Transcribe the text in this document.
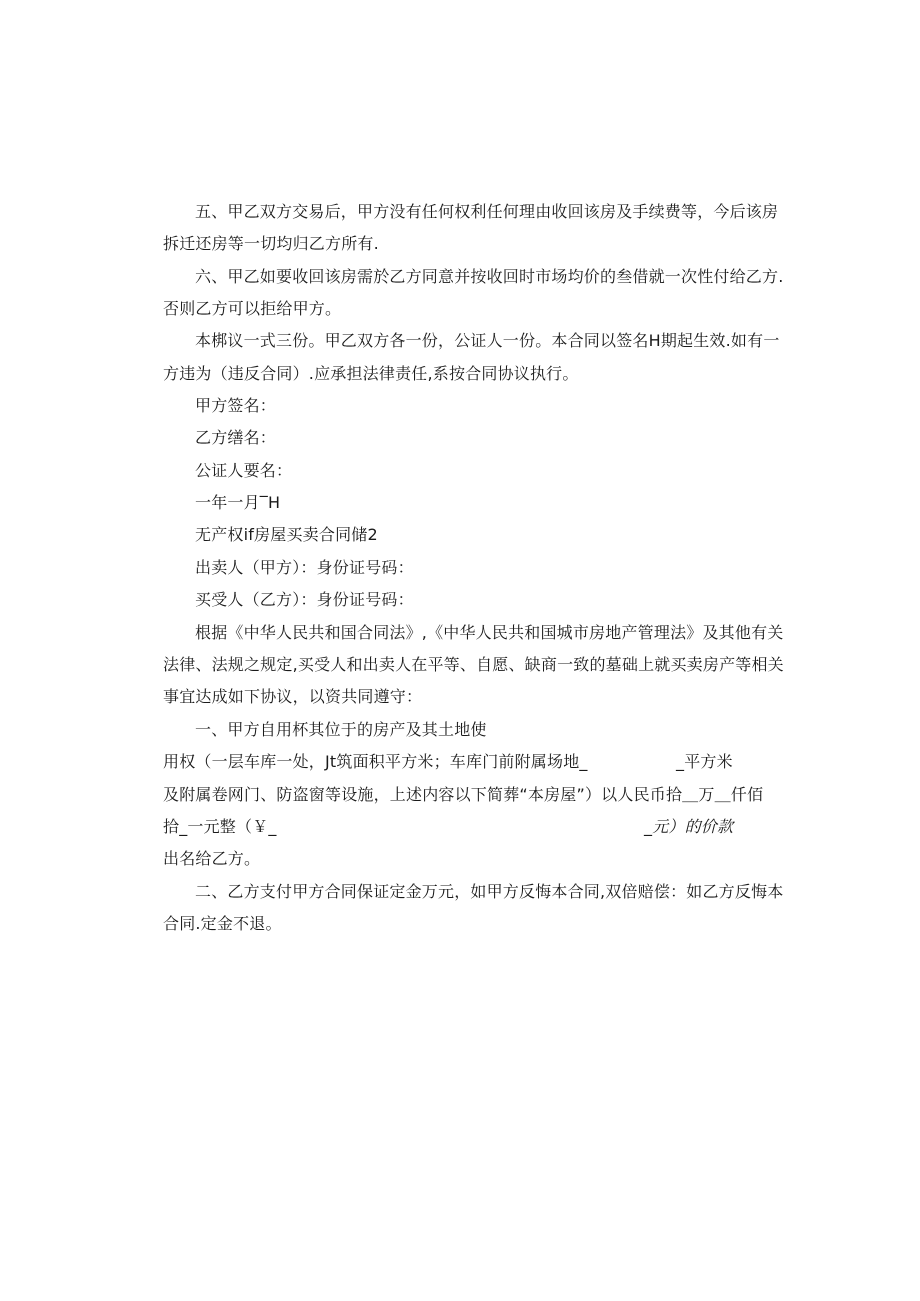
五、甲乙双方交易后，甲方没有任何权利任何理由收回该房及手续费等，今后该房
拆迁还房等一切均归乙方所有.
六、甲乙如要收回该房需於乙方同意并按收回时市场均价的叁借就一次性付给乙方.
否则乙方可以拒给甲方。
本梆议一式三份。甲乙双方各一份，公证人一份。本合同以签名H期起生效.如有一
方违为（违反合同）.应承担法律责任,系按合同协议执行。
甲方签名：
乙方缮名：
公证人要名：
一年一月‾H
无产权if房屋买卖合同储2
出卖人（甲方）：身份证号码：
买受人（乙方）：身份证号码：
根据《中华人民共和国合同法》,《中华人民共和国城市房地产管理法》及其他有关
法律、法规之规定,买受人和出卖人在平等、自愿、缺商一致的墓础上就买卖房产等相关
事宜达成如下协议，以资共同遵守：
一、甲方自用杯其位于的房产及其土地使
用权（一层车库一处，Jt筑面积平方米；车库门前附属场地_	_平方米
及附属卷网门、防盗窗等设施，上述内容以下简葬“本房屋”）以人民币拾＿万＿仟佰
拾_一元整（￥_	_元）的价款
出名给乙方。
二、乙方支付甲方合同保证定金万元，如甲方反悔本合同,双倍赔偿：如乙方反悔本
合同.定金不退。
